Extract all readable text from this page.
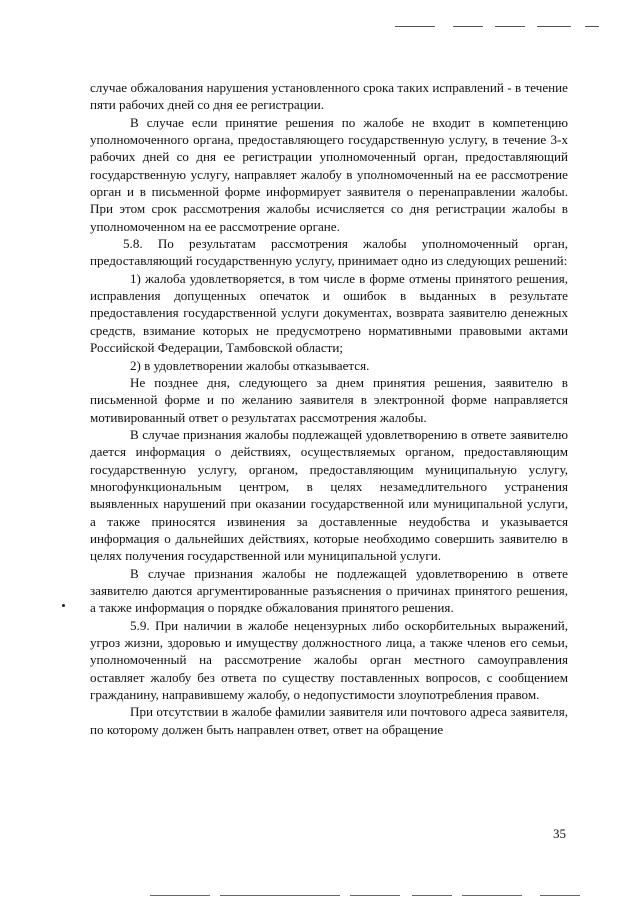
случае обжалования нарушения установленного срока таких исправлений - в течение пяти рабочих дней со дня ее регистрации.

В случае если принятие решения по жалобе не входит в компетенцию уполномоченного органа, предоставляющего государственную услугу, в течение 3-х рабочих дней со дня ее регистрации уполномоченный орган, предоставляющий государственную услугу, направляет жалобу в уполномоченный на ее рассмотрение орган и в письменной форме информирует заявителя о перенаправлении жалобы. При этом срок рассмотрения жалобы исчисляется со дня регистрации жалобы в уполномоченном на ее рассмотрение органе.

5.8. По результатам рассмотрения жалобы уполномоченный орган, предоставляющий государственную услугу, принимает одно из следующих решений:

1) жалоба удовлетворяется, в том числе в форме отмены принятого решения, исправления допущенных опечаток и ошибок в выданных в результате предоставления государственной услуги документах, возврата заявителю денежных средств, взимание которых не предусмотрено нормативными правовыми актами Российской Федерации, Тамбовской области;

2) в удовлетворении жалобы отказывается.

Не позднее дня, следующего за днем принятия решения, заявителю в письменной форме и по желанию заявителя в электронной форме направляется мотивированный ответ о результатах рассмотрения жалобы.

В случае признания жалобы подлежащей удовлетворению в ответе заявителю дается информация о действиях, осуществляемых органом, предоставляющим государственную услугу, органом, предоставляющим муниципальную услугу, многофункциональным центром, в целях незамедлительного устранения выявленных нарушений при оказании государственной или муниципальной услуги, а также приносятся извинения за доставленные неудобства и указывается информация о дальнейших действиях, которые необходимо совершить заявителю в целях получения государственной или муниципальной услуги.

В случае признания жалобы не подлежащей удовлетворению в ответе заявителю даются аргументированные разъяснения о причинах принятого решения, а также информация о порядке обжалования принятого решения.

5.9. При наличии в жалобе нецензурных либо оскорбительных выражений, угроз жизни, здоровью и имуществу должностного лица, а также членов его семьи, уполномоченный на рассмотрение жалобы орган местного самоуправления оставляет жалобу без ответа по существу поставленных вопросов, с сообщением гражданину, направившему жалобу, о недопустимости злоупотребления правом.

При отсутствии в жалобе фамилии заявителя или почтового адреса заявителя, по которому должен быть направлен ответ, ответ на обращение

35
